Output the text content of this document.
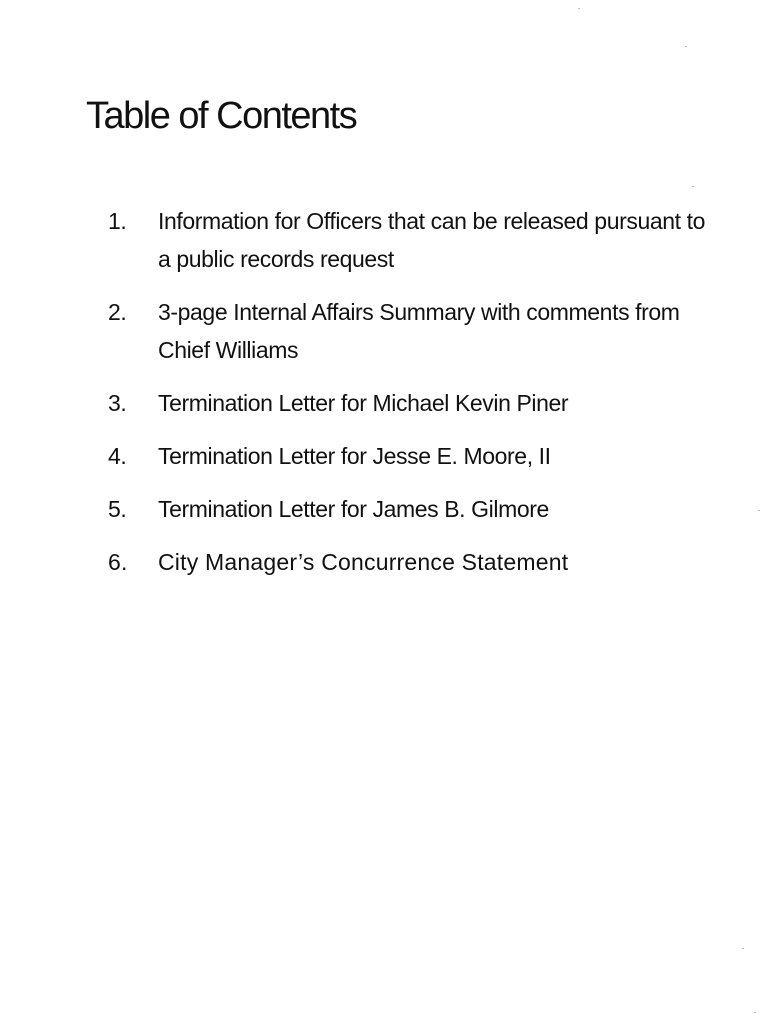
Table of Contents
1.	Information for Officers that can be released pursuant to a public records request
2.	3-page Internal Affairs Summary with comments from Chief Williams
3.	Termination Letter for Michael Kevin Piner
4.	Termination Letter for Jesse E. Moore, II
5.	Termination Letter for James B. Gilmore
6.	City Manager’s Concurrence Statement
